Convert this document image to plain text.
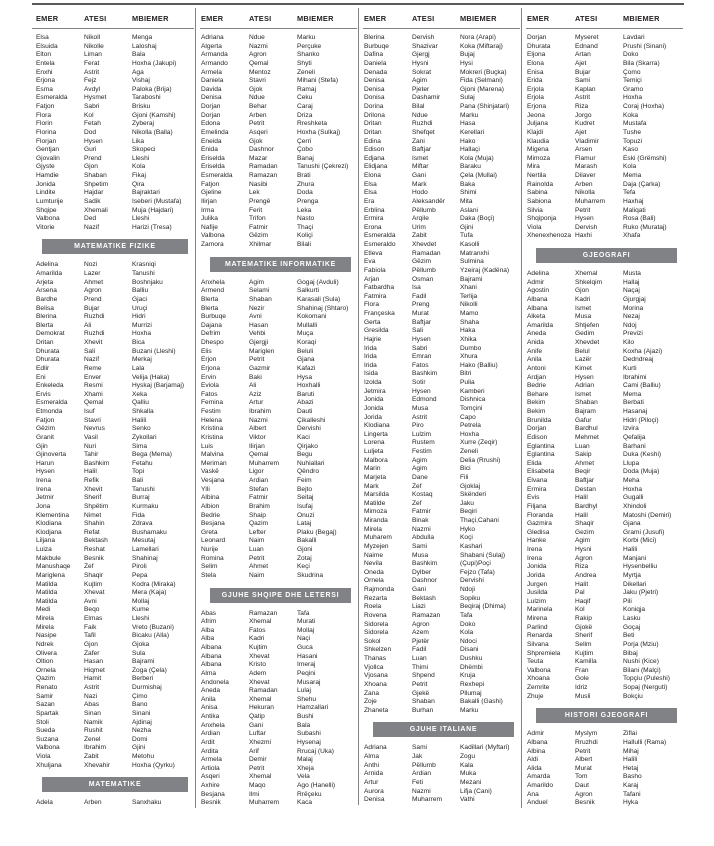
EMER	ATESI	MBIEMER
Elsa	Nikoll	Menga
Elsuida	Nikolle	Laloshaj
Elton	Liman	Bala
Entela	Ferat	Hoxha (Jakupi)
Enxhi	Astrit	Aga
Erjona	Fejz	Vishaj
Esma	Avdyl	Paloka (Brija)
Esmeralda	Hysmet	Taraboshi
Fatjon	Sabri	Brisku
Flora	Kol	Gjoni (Kamshi)
Florin	Fetah	Zyberaj
Florina	Dod	Nikolla (Balla)
Florjan	Hysen	Lika
Gentjan	Guri	Skopeci
Gjovalin	Prend	Lleshi
Gjyste	Gjon	Kola
Hamdie	Shaban	Fikaj
Jonida	Shpetim	Qira
Lindite	Hajdar	Bajraktari
Lumturije	Sadik	Iseberi (Mustafa)
Shqipe	Xhemali	Muja (Hajdari)
Valbona	Ded	Lleshi
Vitorie	Nazif	Harizi (Tresa)
MATEMATIKE FIZIKE
Adelina	Nozi	Krasniqi
Amarilda	Lazer	Tanushi
Arjeta	Ahmet	Boshnjaku
Arsena	Agron	Balliu
Bardhe	Prend	Gjaci
Belisa	Bujar	Uruçi
Blerina	Ruzhdi	Hidri
Blerta	Ali	Murrizi
Demokrat	Ruzhdi	Hoxha
Dritan	Xhevit	Bica
Dhurata	Sali	Buzani (Lleshi)
Dhurata	Nazif	Merkaj
Edlir	Reme	Lala
Eni	Enver	Velija (Haka)
Enkeleda	Resmi	Hyskaj (Barjamaj)
Ervis	Xhami	Xeka
Esmeralda	Qemal	Qalliu
Etmonda	Isuf	Shkalla
Fatjon	Stavri	Halili
Gëzim	Nevrus	Senko
Granit	Vasil	Zykollari
Gjin	Nuri	Sima
Gjinoverta	Tahir	Bega (Mema)
Harun	Bashkim	Fetahu
Hysen	Halil	Topi
Irena	Refik	Bali
Irena	Xhevit	Tanushi
Jetmir	Sherif	Burraj
Jona	Shpëtim	Kurmaku
Klementina	Nimet	Fida
Klodiana	Shahin	Zdrava
Klodjana	Refat	Bushamaku
Liljana	Bektash	Mesutaj
Luiza	Reshat	Lamellari
Makbule	Besnik	Shahinaj
Manushaqe	Zef	Piroli
Mariglena	Shaqir	Pepa
Matilda	Kujtim	Kodra (Miraka)
Matilda	Xhevat	Mera (Kaja)
Matilda	Avni	Mollaj
Medi	Beqo	Kume
Mirela	Elmas	Lleshi
Mirela	Faik	Vreto (Buzani)
Nasipe	Tafil	Bicaku (Alla)
Ndrek	Gjon	Gjoka
Olivera	Zafer	Sula
Oltion	Hasan	Bajrami
Ornela	Hiqmet	Zoga (Çela)
Qazim	Hamit	Berberi
Renato	Astrit	Durmishaj
Samir	Nazi	Çimo
Sazan	Abas	Bano
Spartak	Sinan	Sinani
Stoli	Namik	Ajdinaj
Sueda	Rushit	Nezha
Suzana	Zenel	Domi
Valbona	Ibrahim	Gjini
Viola	Zabit	Metohu
Xhuljana	Xhevahir	Hoxha (Qyrku)
MATEMATIKE
Adela	Arben	Sanxhaku
EMER	ATESI	MBIEMER
Adriana	Ndue	Marku
Algerta	Nazmi	Perçuke
Armanda	Agron	Shanko
Armando	Qemal	Shyti
Armela	Mentoz	Zeneli
Daniela	Stavri	Mihani (Stefa)
Davida	Gjok	Ramaj
Denisa	Ndue	Ceku
Dorjan	Behar	Caraj
Dorjan	Arben	Driza
Edona	Petrit	Rreshketa
Emelinda	Asqeri	Hoxha (Sulkaj)
Eneida	Gjok	Çerri
Enida	Dashnor	Çobo
Eriselda	Mazar	Banaj
Eriselda	Ramadan	Tanushi (Çekrezi)
Esmeralda	Ramazan	Brati
Fatjon	Nasibi	Zhura
Gjeline	Lek	Doda
Ilirjan	Prengë	Prenga
Irma	Ferit	Leka
Julika	Trifon	Nasto
Nafije	Fatmir	Thaçi
Valbona	Gëzim	Koliçi
Zamora	Xhilmar	Bilali
MATEMATIKE INFORMATIKE
Anxhela	Agim	Gogaj (Avduli)
Armend	Selami	Salkurti
Blerta	Shaban	Karasali (Sula)
Blerta	Nezir	Shahinaj (Shtaro)
Burbuqe	Avni	Kokomani
Dajana	Hasan	Mullalli
Defrim	Vehbi	Muça
Dhespo	Gjergji	Koraqi
Elis	Mariglen	Beluli
Erjon	Petrit	Gjana
Erjona	Gazmir	Kafazi
Ervin	Baki	Hysa
Eviola	Ali	Hoxhalli
Fatos	Aziz	Baruti
Femina	Artur	Abazi
Festim	Ibrahim	Dauti
Helena	Nazmi	Çikalleshi
Kristina	Albert	Dervishi
Kristina	Viktor	Kaci
Luis	Ilirjan	Qirjako
Malvina	Qemal	Begu
Meriman	Muharrem	Nuhiallari
Vaskë	Ligor	Qëndro
Vesjana	Ardian	Feim
Ylli	Stefan	Bejto
Albina	Fatmir	Seitaj
Albion	Brahim	Isufaj
Bedrie	Shaip	Onuzi
Besjana	Qazim	Lataj
Greta	Lefter	Plaku (Begaj)
Leonard	Naim	Bakalli
Nurije	Luan	Gjoni
Romina	Petrit	Zotaj
Selim	Ahmet	Keçi
Stela	Naim	Skudrina
GJUHE SHQIPE DHE LETERSI
Abas	Ramazan	Tafa
Afrim	Xhemal	Murati
Alba	Fatos	Mollaj
Alba	Kadri	Naçi
Albana	Kujtim	Guca
Albana	Xhevat	Hasani
Albana	Kristo	Imeraj
Alma	Adem	Peqini
Andonela	Xhevat	Musaraj
Aneda	Ramadan	Lulaj
Anila	Xhemal	Shehu
Anisa	Hekuran	Hamzallari
Antika	Qatip	Bushi
Anxhela	Gani	Bala
Ardian	Luftar	Subashi
Ardit	Xhezmi	Hysenaj
Ardita	Arif	Rrucaj (Uka)
Armela	Demir	Malaj
Artiola	Petrit	Xheja
Asqeri	Xhemal	Vela
Axhire	Maqo	Ago (Hanelli)
Besjana	Ilmi	Rrëçeku
Besnik	Muharrem	Kaca
EMER	ATESI	MBIEMER
Blerina	Dervish	Nora (Arapi)
Burbuqe	Shazivar	Koka (Miftaraj)
Dafina	Gjergj	Bujaj
Daniela	Hysni	Hysi
Denada	Sokrat	Mokreri (Buçka)
Denisa	Agim	Fida (Selmani)
Denisa	Pjeter	Gjoni (Marena)
Donisa	Dashamir	Sulaj
Dorina	Bilal	Pana (Shinjatari)
Drilona	Ndue	Marku
Dritan	Ruzhdi	Hasa
Dritan	Shefqet	Kerellari
Edina	Zani	Hako
Edison	Baftjar	Hallaçi
Edjana	Ismet	Kola (Muja)
Elidjana	Miftar	Baraku
Elona	Gani	Çela (Mullai)
Elsa	Mark	Baka
Elsa	Hodo	Shimi
Era	Aleksandër	Mita
Erblina	Pëllumb	Aslani
Ermira	Arqile	Daka (Boçi)
Erona	Urim	Gjini
Esmeralda	Zabit	Tufa
Esmeraldo	Xhevdet	Kasolli
Etleva	Ramadan	Matranxhi
Eva	Gëzim	Sulmina
Fabiola	Pëllumb	Yzeiraj (Kadëna)
Arjan	Osman	Bajrami
Fatbardha	Isa	Xhani
Fatmira	Fadil	Terlija
Flora	Preng	Nikolli
Françeska	Murat	Mamo
Gerta	Baftjar	Shaha
Gresilda	Sali	Haka
Hajrie	Hysen	Xhika
Irida	Sabri	Dumbo
Irida	Emran	Xhura
Irida	Fatos	Hako (Balliu)
Isida	Bashkim	Bitri
Izolda	Sotir	Pulia
Jetmira	Hysen	Kamberi
Jonida	Edmond	Dishnica
Jonida	Musa	Tomçini
Jorida	Astrit	Capo
Klodiana	Piro	Petrela
Lingerta	Lulzim	Hoxha
Lorena	Rustem	Xurre (Zeqir)
Luljeta	Festim	Zeneli
Malbora	Agim	Delia (Rrushi)
Marin	Agim	Bici
Marjeta	Dane	Fili
Mark	Zef	Gjoklaj
Marsilda	Kostaq	Skënderi
Matilde	Zef	Jaku
Mimoza	Fatmir	Beqiri
Miranda	Binak	Thaçi,Cahani
Mirela	Nazmi	Hyko
Muharem	Abdulla	Koçi
Myzejen	Sami	Kashari
Naime	Musa	Shabani (Sulaj)
Nevila	Bashkim	(Çupi)Poçi
Oneda	Dylber	Fejzo (Tafa)
Ornela	Dashnor	Dervishi
Rajmonda	Gani	Ndoji
Rezarta	Bektash	Sopiku
Roela	Liazi	Beqiraj (Dhima)
Rovena	Ramazan	Tafa
Sidorela	Agron	Doko
Sidorela	Azem	Kola
Sokol	Pjetër	Ndoci
Shkelzen	Fadil	Disani
Thanas	Luan	Dushku
Vjollca	Thimi	Dhëmbi
Vjosana	Shpend	Kruja
Xhoana	Petrit	Rexhepi
Zana	Gjekë	Pllumaj
Zoje	Shaban	Bakalli (Gashi)
Zhaneta	Burhan	Marku
GJUHE ITALIANE
Adriana	Sami	Kadillari (Myftari)
Alma	Jak	Zogu
Anthi	Pëllumb	Kala
Arnida	Ardian	Muka
Artur	Feti	Mezani
Aurora	Nazmi	Lifja (Cani)
Denisa	Muharrem	Vathi
EMER	ATESI	MBIEMER
Dorjan	Myseret	Lavdari
Dhurata	Ednand	Prushi (Sinani)
Eljona	Artan	Doko
Elona	Ajet	Bila (Skarra)
Enisa	Bujar	Çomo
Erida	Sami	Temiçi
Erjola	Kaplan	Gramo
Erjola	Astrit	Hoxha
Erjona	Riza	Coraj (Hoxha)
Jeona	Jorgo	Koka
Juljana	Kudret	Mustafa
Klajdi	Ajet	Tushe
Klaudia	Vladimir	Topuzi
Migena	Arsen	Kaso
Mimoza	Flamur	Eski (Grëmshi)
Mira	Marash	Kola
Nertila	Dilaver	Mema
Rainolda	Arben	Daja (Çarka)
Sabina	Nikolla	Tefa
Sabiona	Muharrem	Haxhaj
Silvia	Petrit	Maliqati
Shqiponja	Hysen	Rosa (Bali)
Viola	Dervish	Ruko (Murataj)
Xhenexhenoza Haxhi	Xhafa
GJEOGRAFI
Adelina	Xhemal	Musta
Admir	Shkelqim	Hallaj
Agostin	Gjon	Naçaj
Albana	Kadri	Gjurgjaj
Albana	Ismet	Morina
Alketa	Musa	Nezaj
Amarilda	Shtjefen	Ndoj
Aneda	Gedim	Previzi
Anida	Xhevdet	Kilo
Anife	Belul	Koxha (Ajazi)
Anila	Lazër	Dedndreaj
Antoni	Kimet	Kurti
Ardjan	Hysen	Ibrahimi
Bedrie	Adrian	Cami (Balliu)
Behare	Ismet	Mema
Bekim	Shaban	Berbati
Bekim	Bajram	Hasanaj
Brunilda	Gafur	Hidri (Piloçi)
Dorjan	Bardhul	Izvira
Edison	Mehmet	Qefalija
Eglantina	Luan	Barhani
Eglantina	Sakip	Duka (Keshi)
Elida	Ahmet	Llupa
Elisabeta	Beqir	Doda (Muja)
Elvana	Baftjar	Meha
Ermira	Destan	Hoxha
Evis	Halil	Gugalli
Filjana	Bardhyl	Xhindoli
Floranda	Halil	Matoshi (Demiri)
Gazmira	Shaqir	Gjana
Gledisa	Gezim	Grami (Jusufi)
Hanke	Agim	Korbi (Mici)
Irena	Hysni	Halili
Irena	Agron	Manjani
Jonida	Riza	Hysenbelliu
Jorida	Andrea	Myrtja
Jurgen	Halit	Dikellari
Jusilda	Pal	Jaku (Pjetri)
Lulzim	Haqif	Pili
Marinela	Kol	Koniqja
Mirena	Rakip	Lasku
Parlind	Gjokë	Goçaj
Renarda	Sherif	Beti
Silvana	Selim	Porja (Mziu)
Shpremiela	Kujtim	Bibaj
Teuta	Kamilla	Nushi (Kice)
Valbona	Fran	Bilani (Malçi)
Xhoana	Gole	Topçiu (Puleshi)
Zemrite	Idriz	Sopaj (Nerguti)
Zhuje	Musli	Bokçiu
HISTORI GJEOGRAFI
Admir	Myslym	Ziflai
Albana	Rruzhdi	Hallulli (Rama)
Albina	Petrit	Mihaj
Aldi	Albert	Halili
Alida	Murat	Hetaj
Amarda	Tom	Basho
Amarildo	Daut	Karaj
Ana	Agron	Tafani
Anduel	Besnik	Hyka
